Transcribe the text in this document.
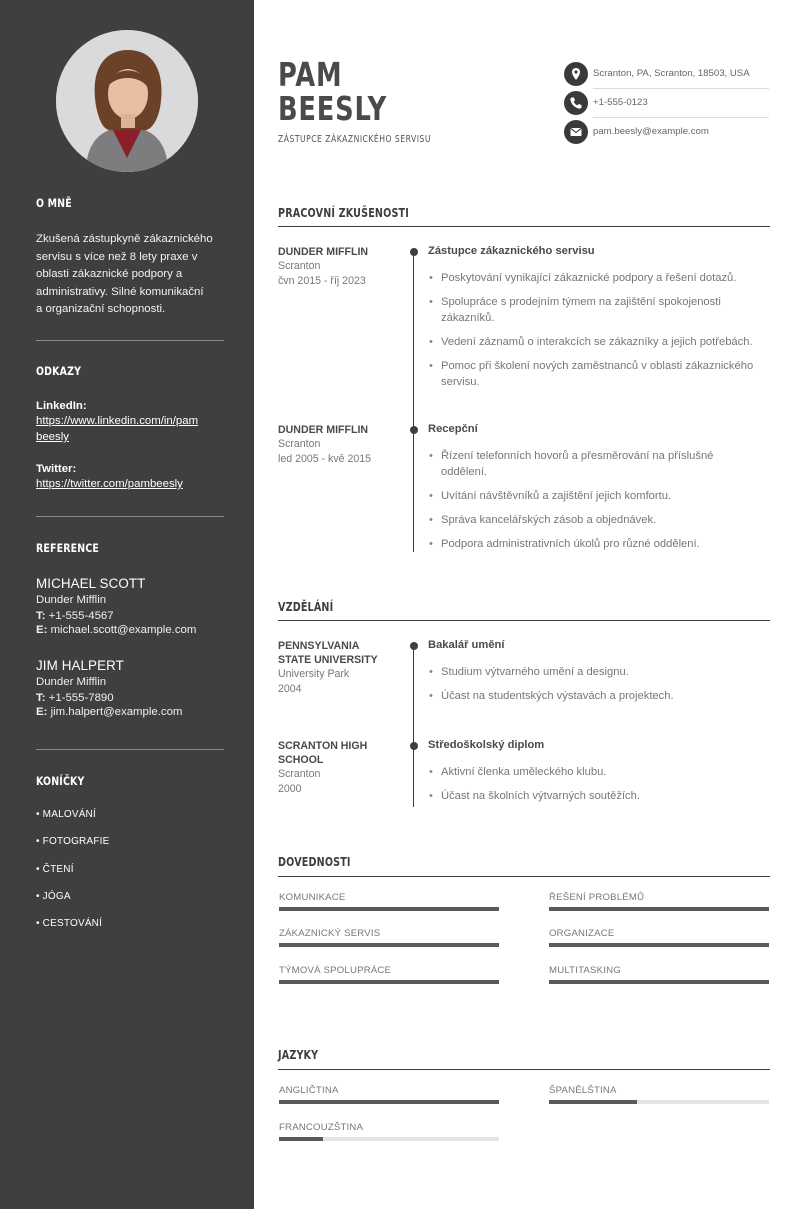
O MNĚ
Zkušená zástupkyně zákaznického
servisu s více než 8 lety praxe v
oblasti zákaznické podpory a
administrativy. Silné komunikační
a organizační schopnosti.
ODKAZY
LinkedIn:
https://www.linkedin.com/in/pam
beesly
Twitter:
https://twitter.com/pambeesly
REFERENCE
MICHAEL SCOTT
Dunder Mifflin
T: +1-555-4567
E: michael.scott@example.com
JIM HALPERT
Dunder Mifflin
T: +1-555-7890
E: jim.halpert@example.com
KONÍČKY
• MALOVÁNÍ
• FOTOGRAFIE
• ČTENÍ
• JÓGA
• CESTOVÁNÍ
PAM
BEESLY
ZÁSTUPCE ZÁKAZNICKÉHO SERVISU
Scranton, PA, Scranton, 18503, USA
+1-555-0123
pam.beesly@example.com
PRACOVNÍ ZKUŠENOSTI
DUNDER MIFFLIN
Scranton
čvn 2015 - říj 2023
Zástupce zákaznického servisu
• Poskytování vynikající zákaznické podpory a řešení dotazů.
• Spolupráce s prodejním týmem na zajištění spokojenosti
zákazníků.
• Vedení záznamů o interakcích se zákazníky a jejich potřebách.
• Pomoc při školení nových zaměstnanců v oblasti zákaznického
servisu.
DUNDER MIFFLIN
Scranton
led 2005 - kvě 2015
Recepční
• Řízení telefonních hovorů a přesměrování na příslušné
oddělení.
• Uvítání návštěvníků a zajištění jejich komfortu.
• Správa kancelářských zásob a objednávek.
• Podpora administrativních úkolů pro různé oddělení.
VZDĚLÁNÍ
PENNSYLVANIA
STATE UNIVERSITY
University Park
2004
Bakalář umění
• Studium výtvarného umění a designu.
• Účast na studentských výstavách a projektech.
SCRANTON HIGH
SCHOOL
Scranton
2000
Středoškolský diplom
• Aktivní členka uměleckého klubu.
• Účast na školních výtvarných soutěžích.
DOVEDNOSTI
KOMUNIKACE	ŘEŠENÍ PROBLÉMŮ
ZÁKAZNICKÝ SERVIS	ORGANIZACE
TÝMOVÁ SPOLUPRÁCE	MULTITASKING
JAZYKY
ANGLIČTINA	ŠPANĚLŠTINA
FRANCOUZŠTINA
